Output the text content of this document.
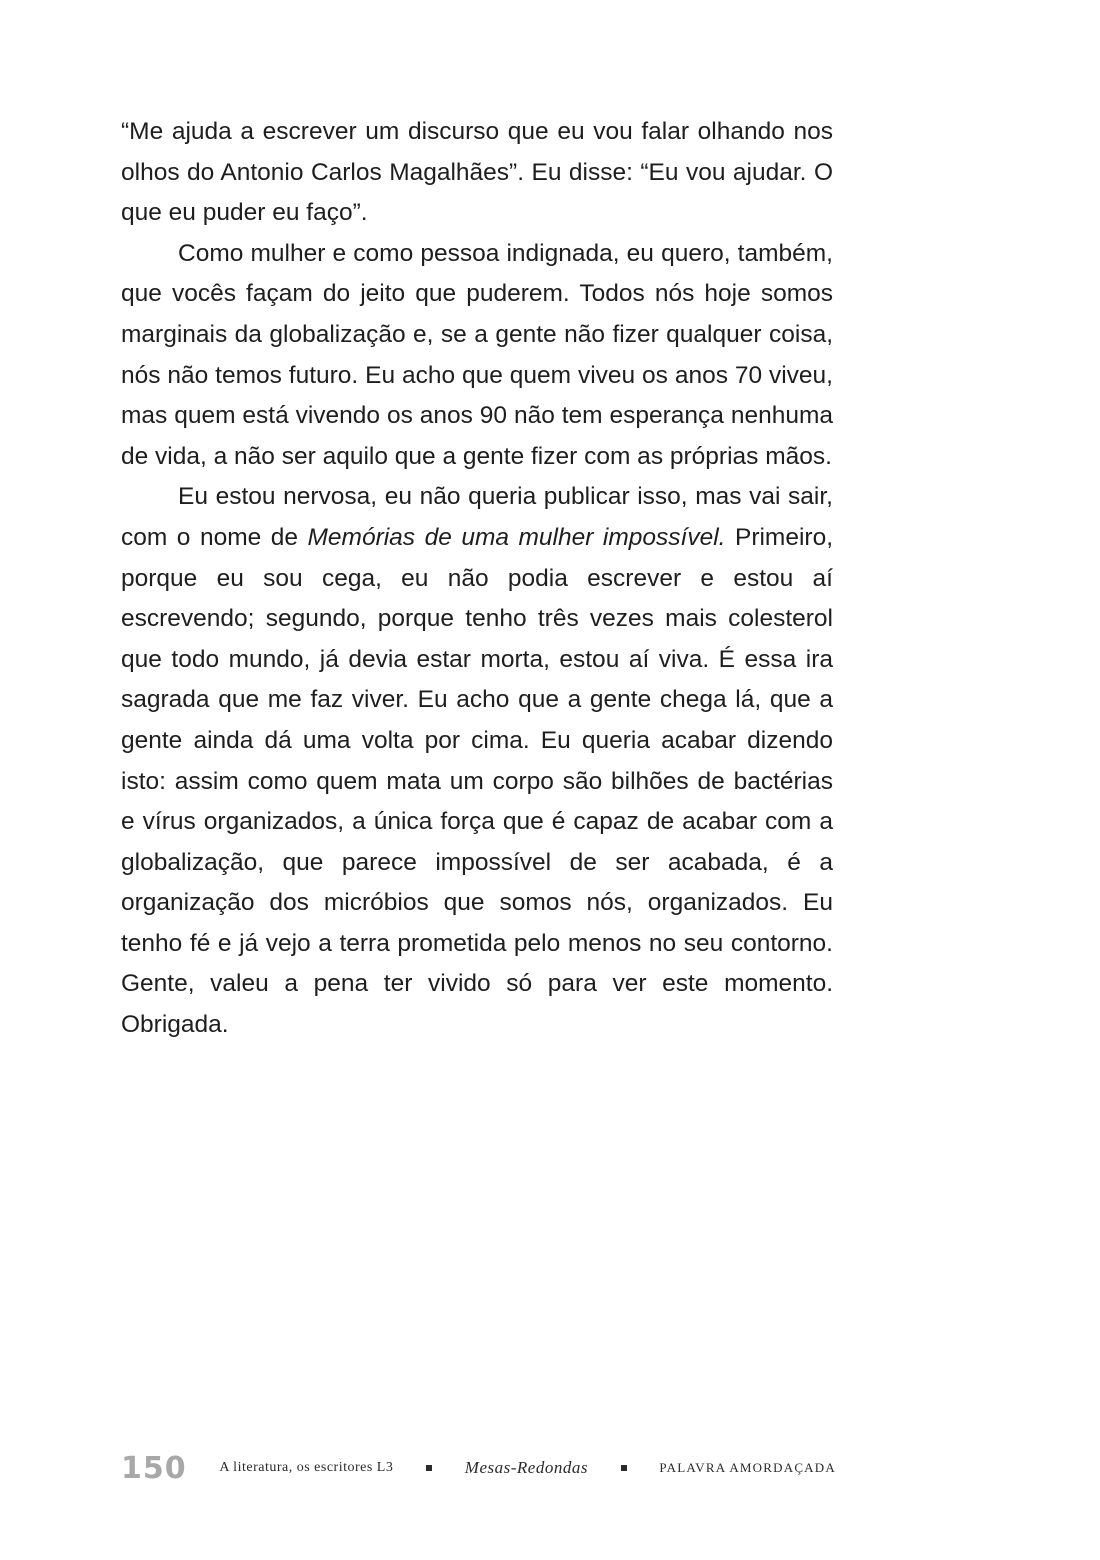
“Me ajuda a escrever um discurso que eu vou falar olhando nos olhos do Antonio Carlos Magalhães”. Eu disse: “Eu vou ajudar. O que eu puder eu faço”.

Como mulher e como pessoa indignada, eu quero, também, que vocês façam do jeito que puderem. Todos nós hoje somos marginais da globalização e, se a gente não fizer qualquer coisa, nós não temos futuro. Eu acho que quem viveu os anos 70 viveu, mas quem está vivendo os anos 90 não tem esperança nenhuma de vida, a não ser aquilo que a gente fizer com as próprias mãos.

Eu estou nervosa, eu não queria publicar isso, mas vai sair, com o nome de Memórias de uma mulher impossível. Primeiro, porque eu sou cega, eu não podia escrever e estou aí escrevendo; segundo, porque tenho três vezes mais colesterol que todo mundo, já devia estar morta, estou aí viva. É essa ira sagrada que me faz viver. Eu acho que a gente chega lá, que a gente ainda dá uma volta por cima. Eu queria acabar dizendo isto: assim como quem mata um corpo são bilhões de bactérias e vírus organizados, a única força que é capaz de acabar com a globalização, que parece impossível de ser acabada, é a organização dos micróbios que somos nós, organizados. Eu tenho fé e já vejo a terra prometida pelo menos no seu contorno. Gente, valeu a pena ter vivido só para ver este momento. Obrigada.

150 A literatura, os escritores L3	Mesas-Redondas	PALAVRA AMORDAÇADA
